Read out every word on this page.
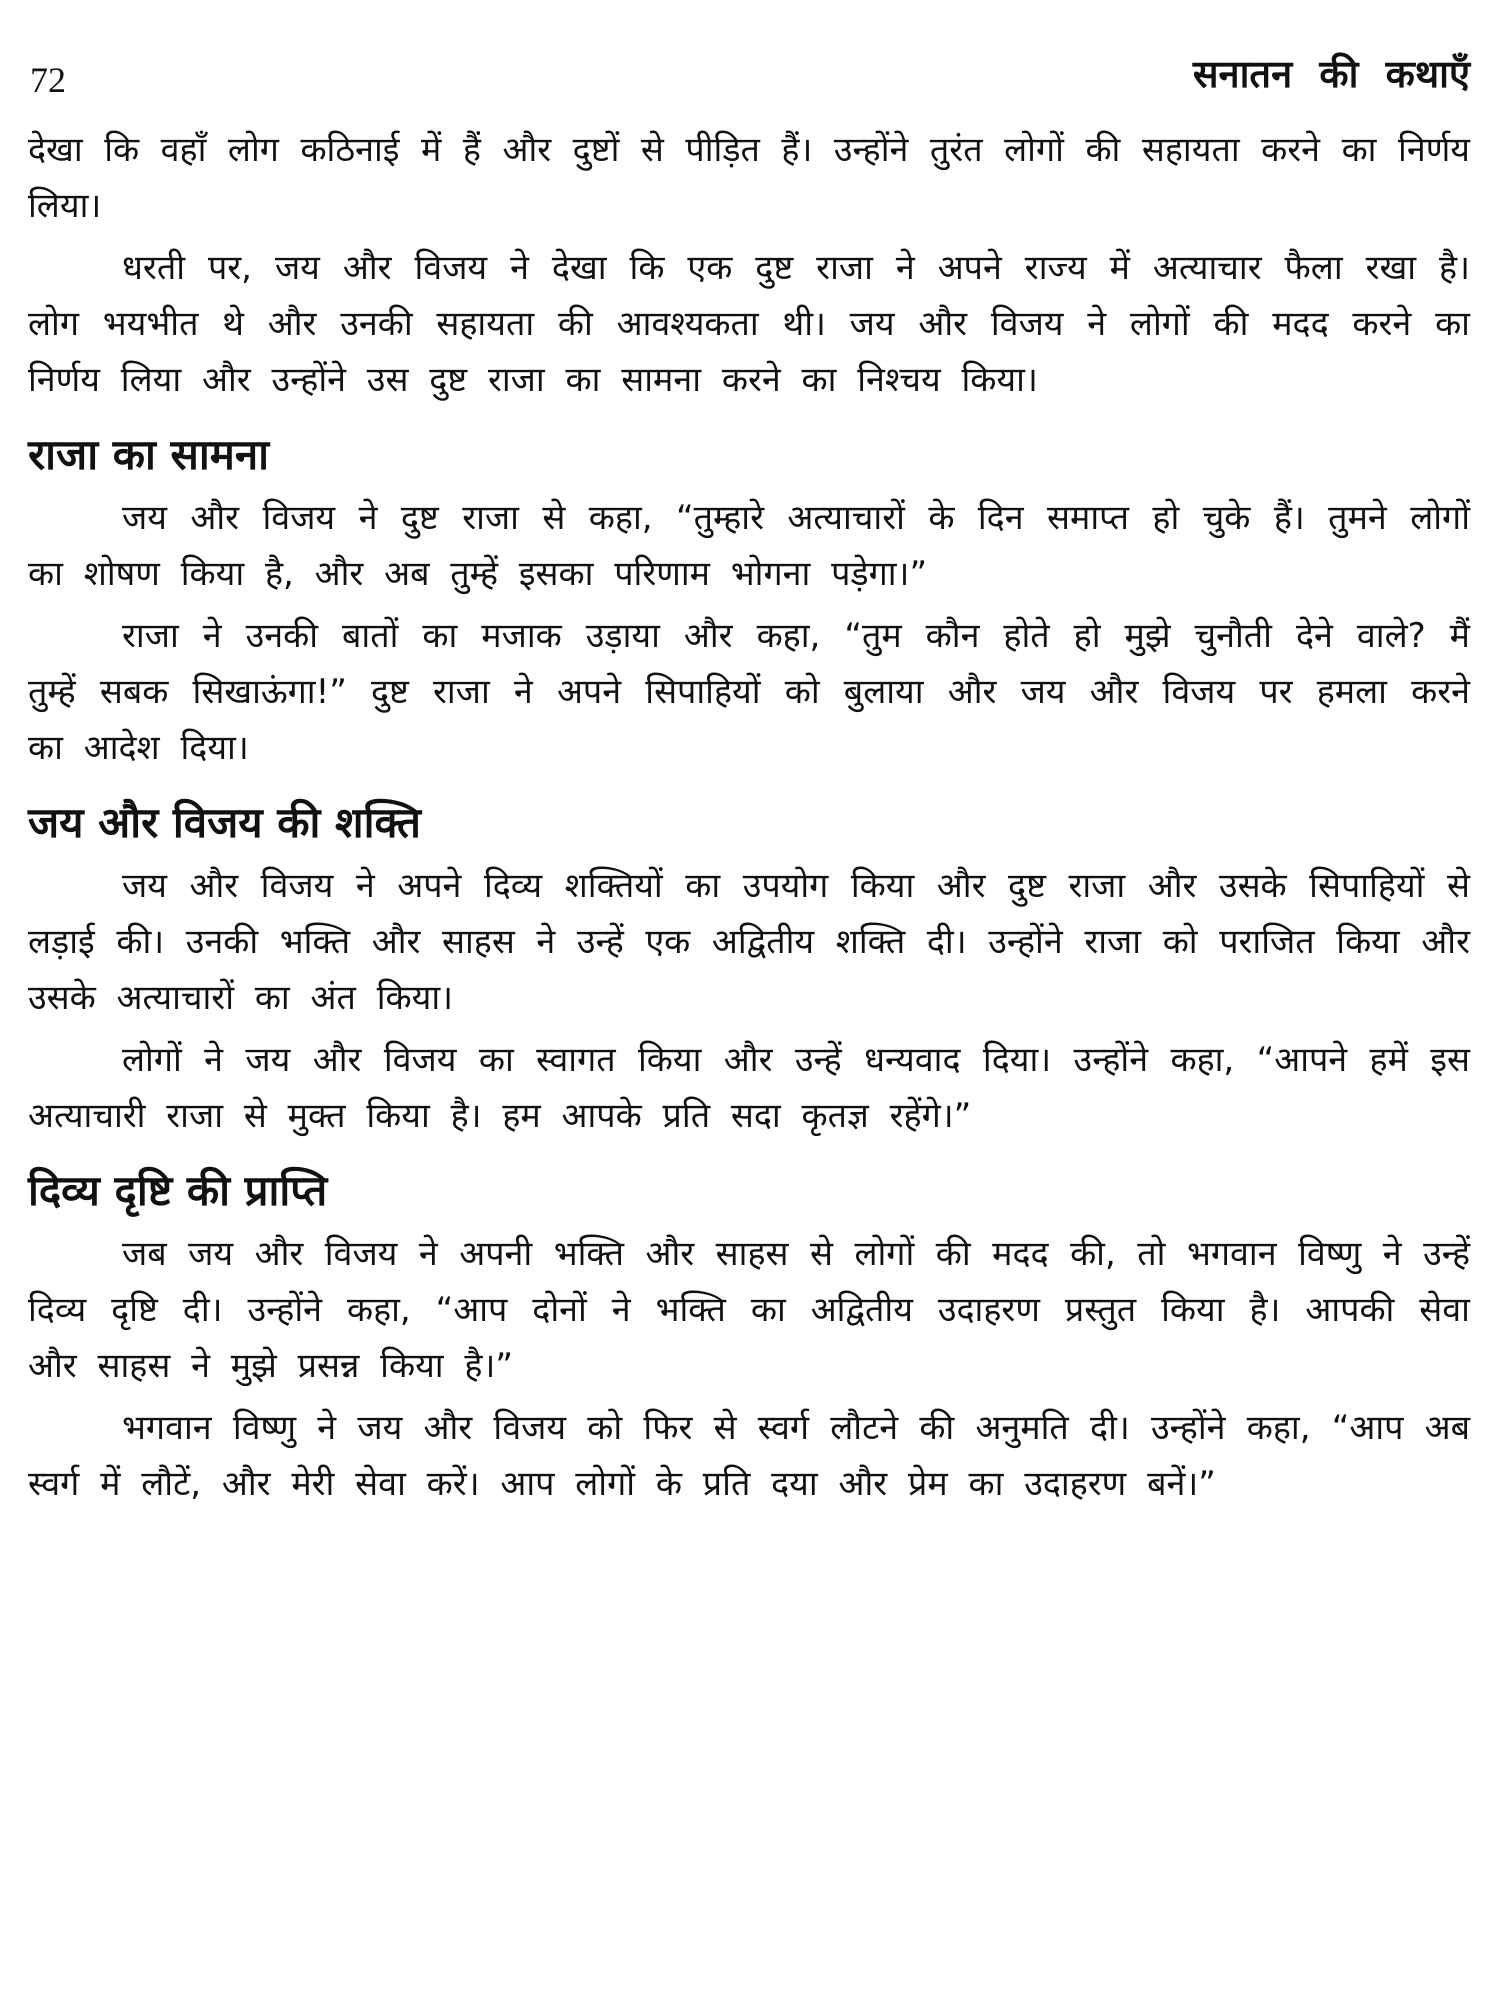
72	सनातन की कथाएँ

देखा कि वहाँ लोग कठिनाई में हैं और दुष्टों से पीड़ित हैं। उन्होंने तुरंत लोगों की सहायता करने का निर्णय लिया।

धरती पर, जय और विजय ने देखा कि एक दुष्ट राजा ने अपने राज्य में अत्याचार फैला रखा है। लोग भयभीत थे और उनकी सहायता की आवश्यकता थी। जय और विजय ने लोगों की मदद करने का निर्णय लिया और उन्होंने उस दुष्ट राजा का सामना करने का निश्चय किया।

राजा का सामना

जय और विजय ने दुष्ट राजा से कहा, “तुम्हारे अत्याचारों के दिन समाप्त हो चुके हैं। तुमने लोगों का शोषण किया है, और अब तुम्हें इसका परिणाम भोगना पड़ेगा।”

राजा ने उनकी बातों का मजाक उड़ाया और कहा, “तुम कौन होते हो मुझे चुनौती देने वाले? मैं तुम्हें सबक सिखाऊंगा!” दुष्ट राजा ने अपने सिपाहियों को बुलाया और जय और विजय पर हमला करने का आदेश दिया।

जय और विजय की शक्ति

जय और विजय ने अपने दिव्य शक्तियों का उपयोग किया और दुष्ट राजा और उसके सिपाहियों से लड़ाई की। उनकी भक्ति और साहस ने उन्हें एक अद्वितीय शक्ति दी। उन्होंने राजा को पराजित किया और उसके अत्याचारों का अंत किया।

लोगों ने जय और विजय का स्वागत किया और उन्हें धन्यवाद दिया। उन्होंने कहा, “आपने हमें इस अत्याचारी राजा से मुक्त किया है। हम आपके प्रति सदा कृतज्ञ रहेंगे।”

दिव्य दृष्टि की प्राप्ति

जब जय और विजय ने अपनी भक्ति और साहस से लोगों की मदद की, तो भगवान विष्णु ने उन्हें दिव्य दृष्टि दी। उन्होंने कहा, “आप दोनों ने भक्ति का अद्वितीय उदाहरण प्रस्तुत किया है। आपकी सेवा और साहस ने मुझे प्रसन्न किया है।”

भगवान विष्णु ने जय और विजय को फिर से स्वर्ग लौटने की अनुमति दी। उन्होंने कहा, “आप अब स्वर्ग में लौटें, और मेरी सेवा करें। आप लोगों के प्रति दया और प्रेम का उदाहरण बनें।”
